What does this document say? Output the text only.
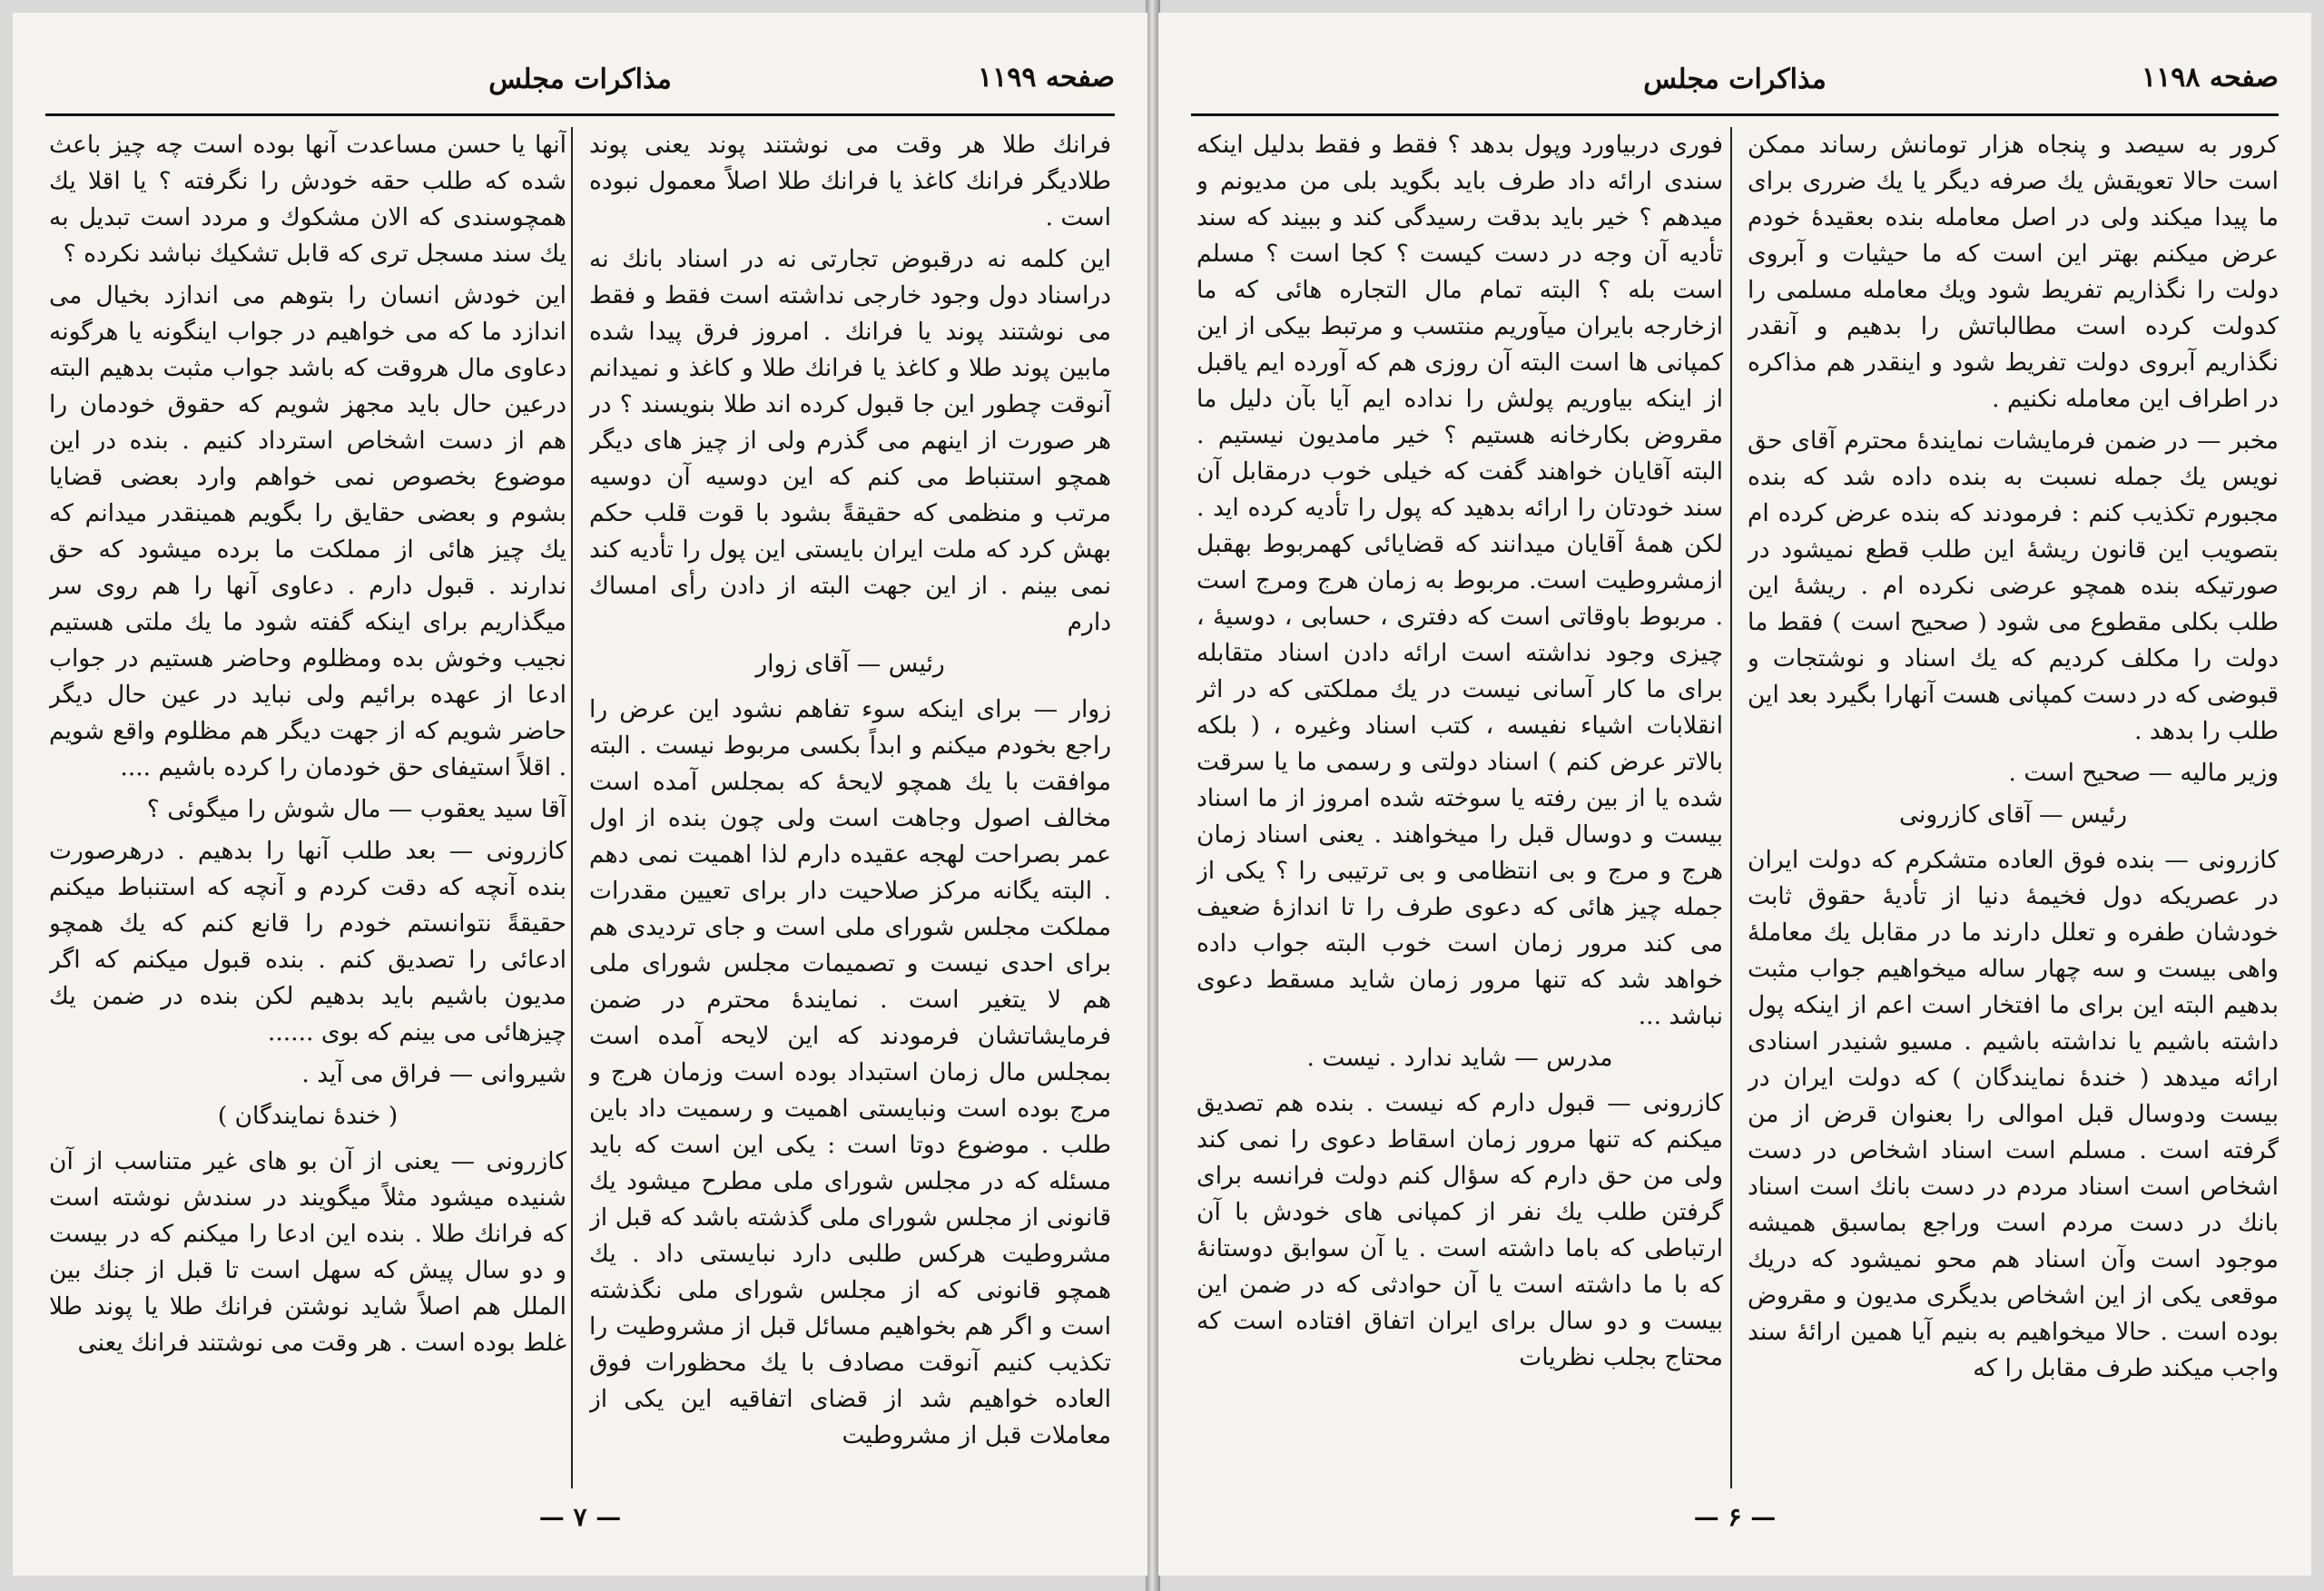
مذاکرات مجلس	صفحه ۱۱۹۹

فرانك طلا هر وقت می نوشتند پوند یعنی پوند طلادیگر فرانك کاغذ یا فرانك طلا اصلاً معمول نبوده است .

این کلمه نه درقبوض تجارتی نه در اسناد بانك نه دراسناد دول وجود خارجی نداشته است فقط و فقط می نوشتند پوند یا فرانك . امروز فرق پیدا شده مابین پوند طلا و کاغذ یا فرانك طلا و کاغذ و نمیدانم آنوقت چطور این جا قبول کرده اند طلا بنویسند ؟ در هر صورت از اینهم می گذرم ولی از چیز های دیگر همچو استنباط می کنم که این دوسیه آن دوسیه مرتب و منظمی که حقیقةً بشود با قوت قلب حکم بهش کرد که ملت ایران بایستی این پول را تأدیه کند نمی بینم . از این جهت البته از دادن رأی امساك دارم

رئیس — آقای زوار

زوار — برای اینکه سوء تفاهم نشود این عرض را راجع بخودم میکنم و ابداً بکسی مربوط نیست . البته موافقت با یك همچو لایحهٔ که بمجلس آمده است مخالف اصول وجاهت است ولی چون بنده از اول عمر بصراحت لهجه عقیده دارم لذا اهمیت نمی دهم . البته یگانه مرکز صلاحیت دار برای تعیین مقدرات مملکت مجلس شورای ملی است و جای تردیدی هم برای احدی نیست و تصمیمات مجلس شورای ملی هم لا یتغیر است . نمایندهٔ محترم در ضمن فرمایشاتشان فرمودند که این لایحه آمده است بمجلس مال زمان استبداد بوده است وزمان هرج و مرج بوده است ونبایستی اهمیت و رسمیت داد باین طلب . موضوع دوتا است : یکی این است که باید مسئله که در مجلس شورای ملی مطرح میشود یك قانونی از مجلس شورای ملی گذشته باشد که قبل از مشروطیت هرکس طلبی دارد نبایستی داد . یك همچو قانونی که از مجلس شورای ملی نگذشته است و اگر هم بخواهیم مسائل قبل از مشروطیت را تکذیب کنیم آنوقت مصادف با یك محظورات فوق العاده خواهیم شد از قضای اتفاقیه این یکی از معاملات قبل از مشروطیت

آنها یا حسن مساعدت آنها بوده است چه چیز باعث شده که طلب حقه خودش را نگرفته ؟ یا اقلا یك همچوسندی که الان مشکوك و مردد است تبدیل به یك سند مسجل تری که قابل تشکیك نباشد نکرده ؟

این خودش انسان را بتوهم می اندازد بخیال می اندازد ما که می خواهیم در جواب اینگونه یا هرگونه دعاوی مال هروقت که باشد جواب مثبت بدهیم البته درعین حال باید مجهز شویم که حقوق خودمان را هم از دست اشخاص استرداد کنیم . بنده در این موضوع بخصوص نمی خواهم وارد بعضی قضایا بشوم و بعضی حقایق را بگویم همینقدر میدانم که یك چیز هائی از مملکت ما برده میشود که حق ندارند . قبول دارم . دعاوی آنها را هم روی سر میگذاریم برای اینکه گفته شود ما یك ملتی هستیم نجیب وخوش بده ومظلوم وحاضر هستیم در جواب ادعا از عهده برائیم ولی نباید در عین حال دیگر حاضر شویم که از جهت دیگر هم مظلوم واقع شویم . اقلاً استیفای حق خودمان را کرده باشیم ....

آقا سید یعقوب — مال شوش را میگوئی ؟

کازرونی — بعد طلب آنها را بدهیم . درهرصورت بنده آنچه که دقت کردم و آنچه که استنباط میکنم حقیقةً نتوانستم خودم را قانع کنم که یك همچو ادعائی را تصدیق کنم . بنده قبول میکنم که اگر مدیون باشیم باید بدهیم لکن بنده در ضمن یك چیزهائی می بینم که بوی ......

شیروانی — فراق می آید .

( خندهٔ نمایندگان )

کازرونی — یعنی از آن بو های غیر متناسب از آن شنیده میشود مثلاً میگویند در سندش نوشته است که فرانك طلا . بنده این ادعا را میکنم که در بیست و دو سال پیش که سهل است تا قبل از جنك بین الملل هم اصلاً شاید نوشتن فرانك طلا یا پوند طلا غلط بوده است . هر وقت می نوشتند فرانك یعنی

— ۷ —
مذاکرات مجلس	صفحه ۱۱۹۸

کرور به سیصد و پنجاه هزار تومانش رساند ممکن است حالا تعویقش یك صرفه دیگر یا یك ضرری برای ما پیدا میکند ولی در اصل معامله بنده بعقیدهٔ خودم عرض میکنم بهتر این است که ما حیثیات و آبروی دولت را نگذاریم تفریط شود ویك معامله مسلمی را کدولت کرده است مطالباتش را بدهیم و آنقدر نگذاریم آبروی دولت تفریط شود و اینقدر هم مذاکره در اطراف این معامله نکنیم .

مخبر — در ضمن فرمایشات نمایندهٔ محترم آقای حق نویس یك جمله نسبت به بنده داده شد که بنده مجبورم تکذیب کنم : فرمودند که بنده عرض کرده ام بتصویب این قانون ریشهٔ این طلب قطع نمیشود در صورتیکه بنده همچو عرضی نکرده ام . ریشهٔ این طلب بکلی مقطوع می شود ( صحیح است ) فقط ما دولت را مکلف کردیم که یك اسناد و نوشتجات و قبوضی که در دست کمپانی هست آنهارا بگیرد بعد این طلب را بدهد .

وزیر مالیه — صحیح است .

رئیس — آقای کازرونی

کازرونی — بنده فوق العاده متشکرم که دولت ایران در عصریکه دول فخیمهٔ دنیا از تأدیهٔ حقوق ثابت خودشان طفره و تعلل دارند ما در مقابل یك معاملهٔ واهی بیست و سه چهار ساله میخواهیم جواب مثبت بدهیم البته این برای ما افتخار است اعم از اینکه پول داشته باشیم یا نداشته باشیم . مسیو شنیدر اسنادی ارائه میدهد ( خندهٔ نمایندگان ) که دولت ایران در بیست ودوسال قبل اموالی را بعنوان قرض از من گرفته است . مسلم است اسناد اشخاص در دست اشخاص است اسناد مردم در دست بانك است اسناد بانك در دست مردم است وراجع بماسبق همیشه موجود است وآن اسناد هم محو نمیشود که دریك موقعی یکی از این اشخاص بدیگری مدیون و مقروض بوده است . حالا میخواهیم به بنیم آیا همین ارائهٔ سند واجب میکند طرف مقابل را که

فوری دربیاورد وپول بدهد ؟ فقط و فقط بدلیل اینکه سندی ارائه داد طرف باید بگوید بلی من مدیونم و میدهم ؟ خیر باید بدقت رسیدگی کند و ببیند که سند تأدیه آن وجه در دست کیست ؟ کجا است ؟ مسلم است بله ؟ البته تمام مال التجاره هائی که ما ازخارجه بایران میآوریم منتسب و مرتبط بیکی از این کمپانی ها است البته آن روزی هم که آورده ایم یاقبل از اینکه بیاوریم پولش را نداده ایم آیا بآن دلیل ما مقروض بکارخانه هستیم ؟ خیر مامدیون نیستیم . البته آقایان خواهند گفت که خیلی خوب درمقابل آن سند خودتان را ارائه بدهید که پول را تأدیه کرده اید . لکن همهٔ آقایان میدانند که قضایائی کهمربوط بهقبل ازمشروطیت است. مربوط به زمان هرج ومرج است . مربوط باوقاتی است که دفتری ، حسابی ، دوسیهٔ ، چیزی وجود نداشته است ارائه دادن اسناد متقابله برای ما کار آسانی نیست در یك مملکتی که در اثر انقلابات اشیاء نفیسه ، کتب اسناد وغیره ، ( بلکه بالاتر عرض کنم ) اسناد دولتی و رسمی ما یا سرقت شده یا از بین رفته یا سوخته شده امروز از ما اسناد بیست و دوسال قبل را میخواهند . یعنی اسناد زمان هرج و مرج و بی انتظامی و بی ترتیبی را ؟ یکی از جمله چیز هائی که دعوی طرف را تا اندازهٔ ضعیف می کند مرور زمان است خوب البته جواب داده خواهد شد که تنها مرور زمان شاید مسقط دعوی نباشد ...

مدرس — شاید ندارد . نیست .

کازرونی — قبول دارم که نیست . بنده هم تصدیق میکنم که تنها مرور زمان اسقاط دعوی را نمی کند ولی من حق دارم که سؤال کنم دولت فرانسه برای گرفتن طلب یك نفر از کمپانی های خودش با آن ارتباطی که باما داشته است . یا آن سوابق دوستانهٔ که با ما داشته است یا آن حوادثی که در ضمن این بیست و دو سال برای ایران اتفاق افتاده است که محتاج بجلب نظریات

— ۶ —
